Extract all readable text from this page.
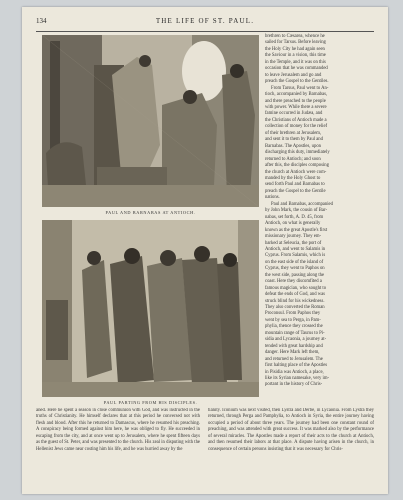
134	THE LIFE OF ST. PAUL.
PAUL AND BARNABAS AT ANTIOCH.
PAUL PARTING FROM HIS DISCIPLES.

brethren to Cæsarea, whence he

sailed for Tarsus. Before leaving

the Holy City he had again seen

the Saviour in a vision, this time

in the Temple, and it was on this

occasion that he was commanded

to leave Jerusalem and go and

preach the Gospel to the Gentiles.

From Tarsus, Paul went to An-

tioch, accompanied by Barnabas,

and there preached to the people

with power. While there a severe

famine occurred in Judæa, and

the Christians of Antioch made a

collection of money for the relief

of their brethren at Jerusalem,

and sent it to them by Paul and

Barnabas. The Apostles, upon

discharging this duty, immediately

returned to Antioch; and soon

after this, the disciples composing

the church at Antioch were com-

manded by the Holy Ghost to

send forth Paul and Barnabas to

preach the Gospel to the Gentile

nations.

Paul and Barnabas, accompanied

by John Mark, the cousin of Bar-

nabas, set forth, A. D. 45, from

Antioch, on what is generally

known as the great Apostle's first

missionary journey. They em-

barked at Seleucia, the port of

Antioch, and went to Salamis in

Cyprus. From Salamis, which is

on the east side of the island of

Cyprus, they went to Paphos on

the west side, passing along the

coast. Here they discomfited a

famous magician, who sought to

defeat the ends of God, and was

struck blind for his wickedness.

They also converted the Roman

Proconsul. From Paphos they

went by sea to Perga, in Pam-

phylia, thence they crossed the

mountain range of Taurus to Pi-

sidia and Lycaonia, a journey at-

tended with great hardship and

danger. Here Mark left them,

and returned to Jerusalem. The

first halting place of the Apostles

in Pisidia was Antioch, a place,

like its Syrian namesake, very im-

portant in the history of Chris-

aned. Here he spent a season in close communion with God, and was instructed in the truths of Christianity. He himself declares that at this period he conversed not with flesh and blood. After this he returned to Damascus, where he resumed his preaching. A conspiracy being formed against him here, he was obliged to fly. He succeeded in escaping from the city, and at once went up to Jerusalem, where he spent fifteen days as the guest of St. Peter, and was presented to the church. His zeal in disputing with the Hellenist Jews came near costing him his life, and he was hurried away by the
tianity. Iconium was next visited, then Lystra and Derbe, in Lycaonia. From Lystra they returned, through Perga and Pamphylia, to Antioch in Syria, the entire journey having occupied a period of about three years. The journey had been one constant round of preaching, and was attended with great success. It was marked also by the performance of several miracles. The Apostles made a report of their acts to the church at Antioch, and then resumed their labors at that place. A dispute having arisen in the church, in consequence of certain persons insisting that it was necessary for Chris-
